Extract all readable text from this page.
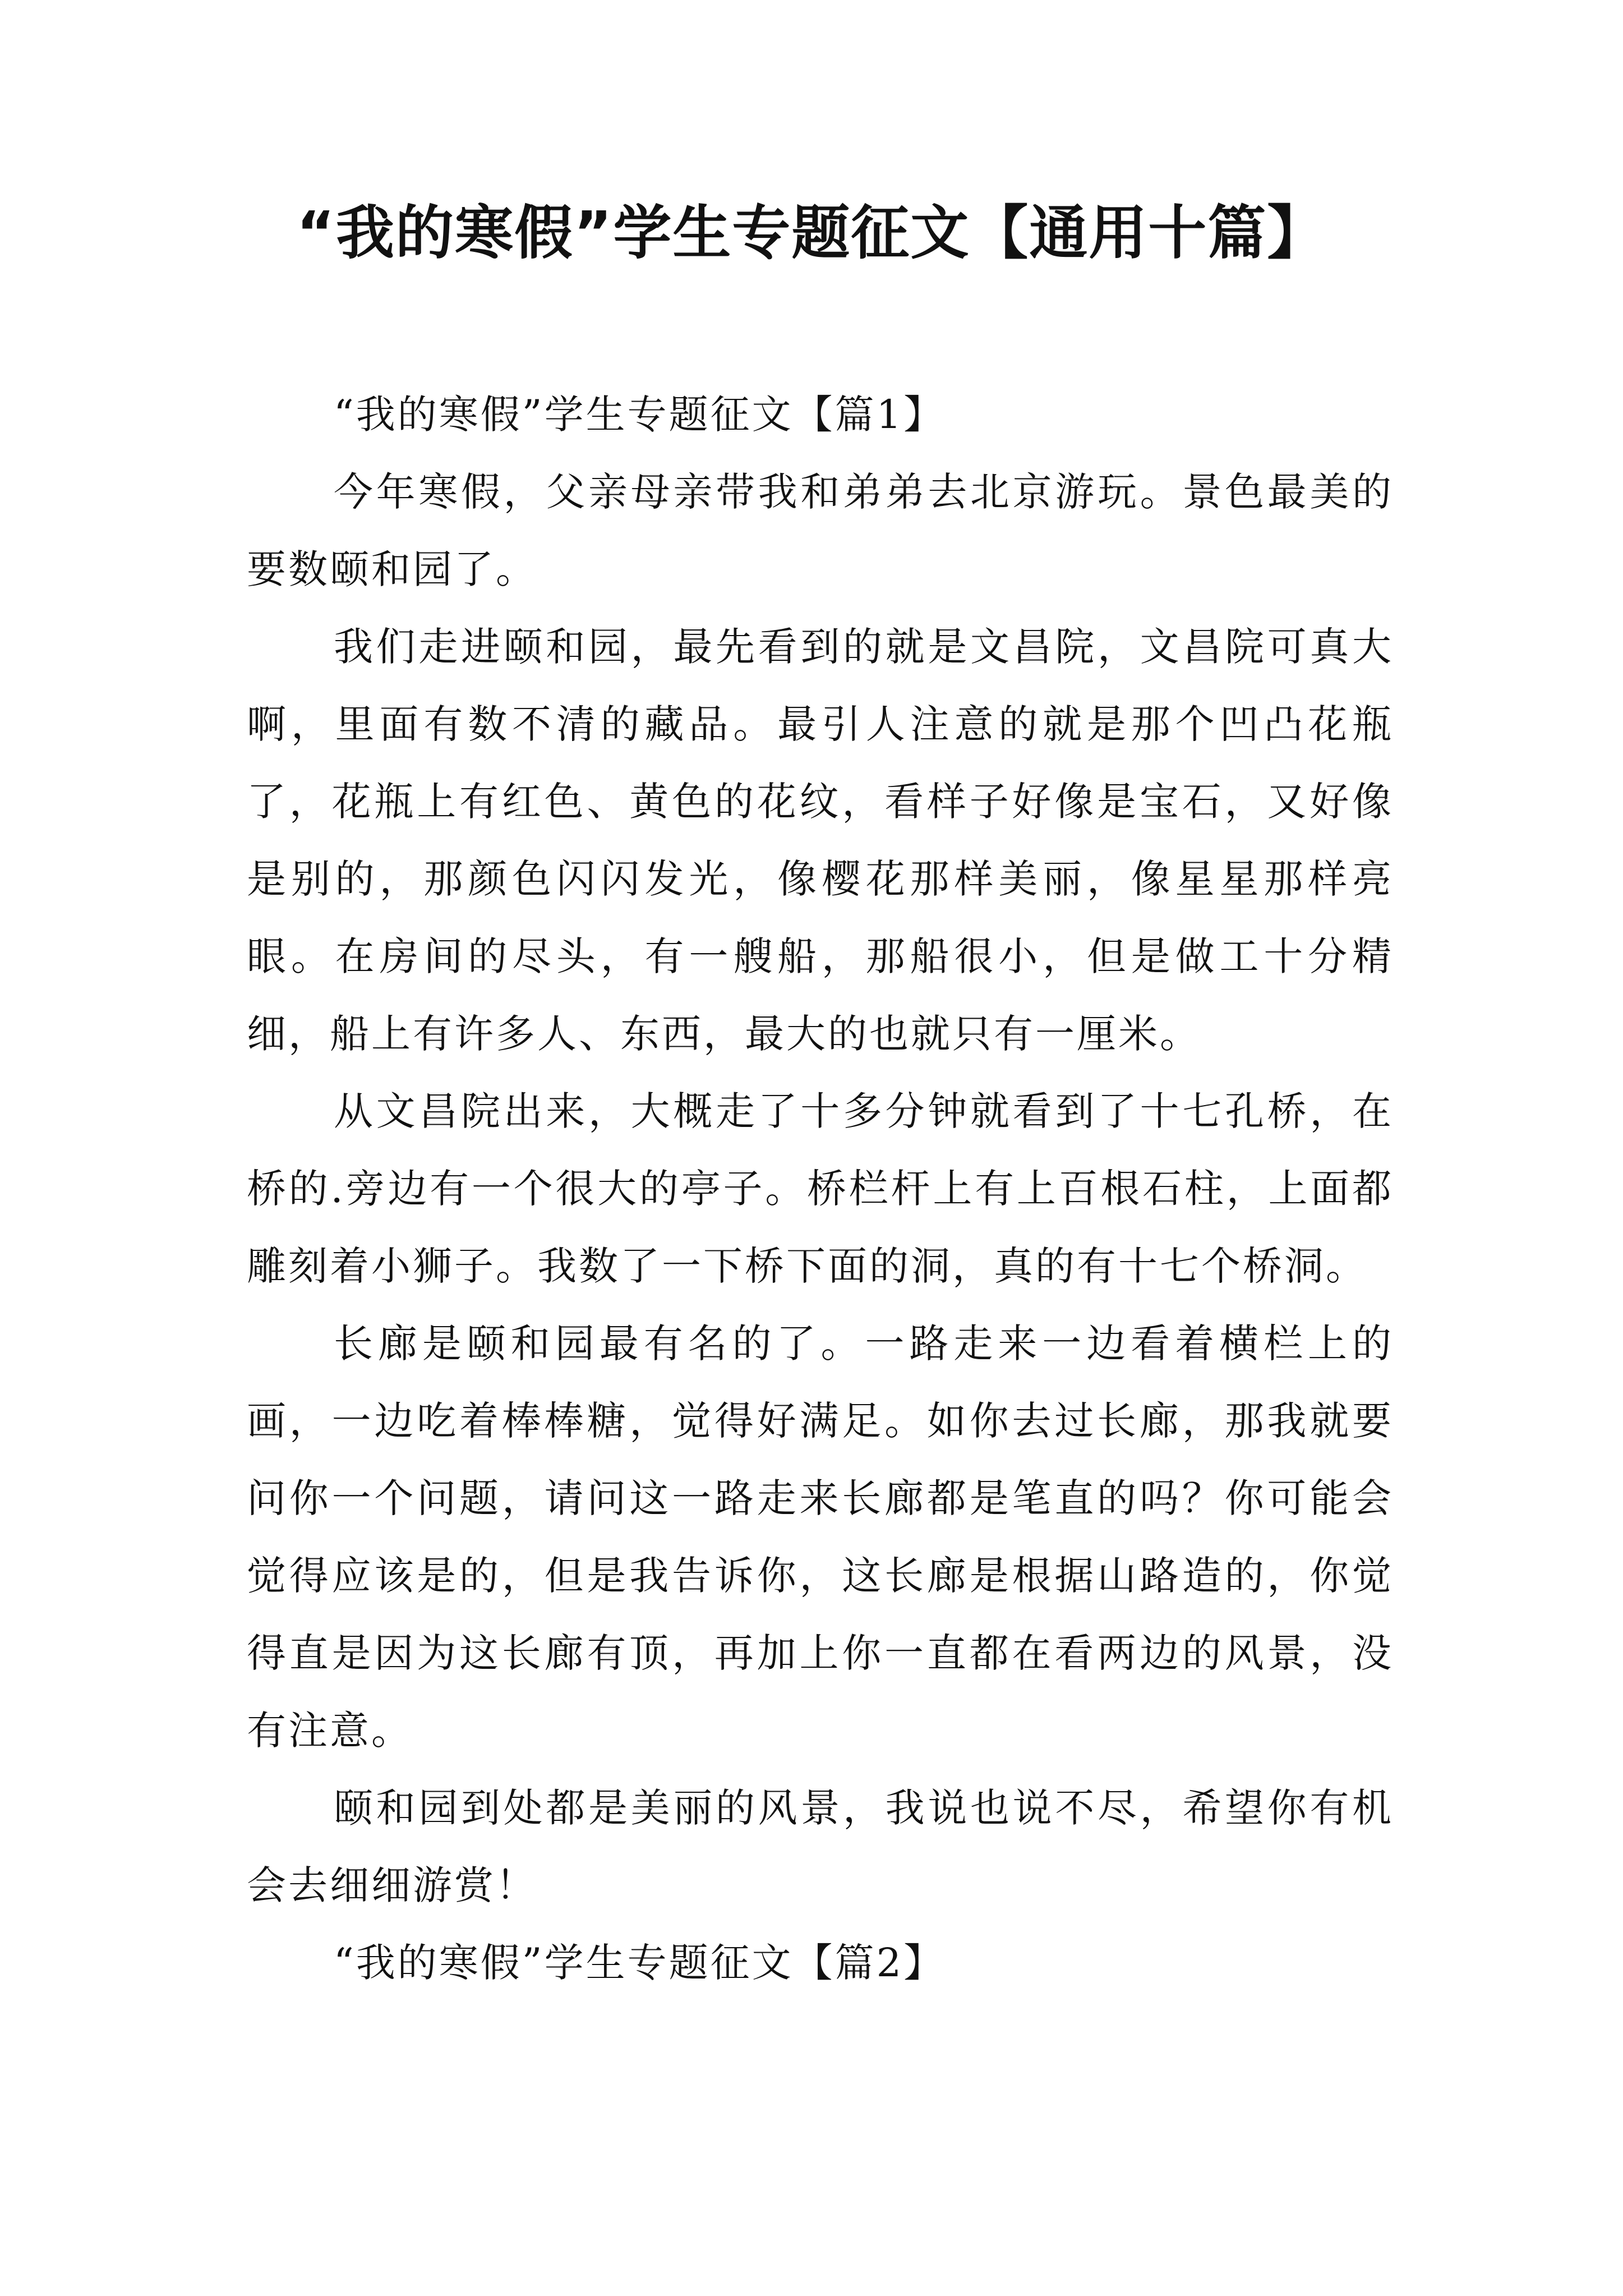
“我的寒假”学生专题征文【通用十篇】

“我的寒假”学生专题征文【篇1】

今年寒假，父亲母亲带我和弟弟去北京游玩。景色最美的要数颐和园了。

我们走进颐和园，最先看到的就是文昌院，文昌院可真大啊，里面有数不清的藏品。最引人注意的就是那个凹凸花瓶了，花瓶上有红色、黄色的花纹，看样子好像是宝石，又好像是别的，那颜色闪闪发光，像樱花那样美丽，像星星那样亮眼。在房间的尽头，有一艘船，那船很小，但是做工十分精细，船上有许多人、东西，最大的也就只有一厘米。

从文昌院出来，大概走了十多分钟就看到了十七孔桥，在桥的.旁边有一个很大的亭子。桥栏杆上有上百根石柱，上面都雕刻着小狮子。我数了一下桥下面的洞，真的有十七个桥洞。

长廊是颐和园最有名的了。一路走来一边看着横栏上的画，一边吃着棒棒糖，觉得好满足。如你去过长廊，那我就要问你一个问题，请问这一路走来长廊都是笔直的吗？你可能会觉得应该是的，但是我告诉你，这长廊是根据山路造的，你觉得直是因为这长廊有顶，再加上你一直都在看两边的风景，没有注意。

颐和园到处都是美丽的风景，我说也说不尽，希望你有机会去细细游赏！

“我的寒假”学生专题征文【篇2】
